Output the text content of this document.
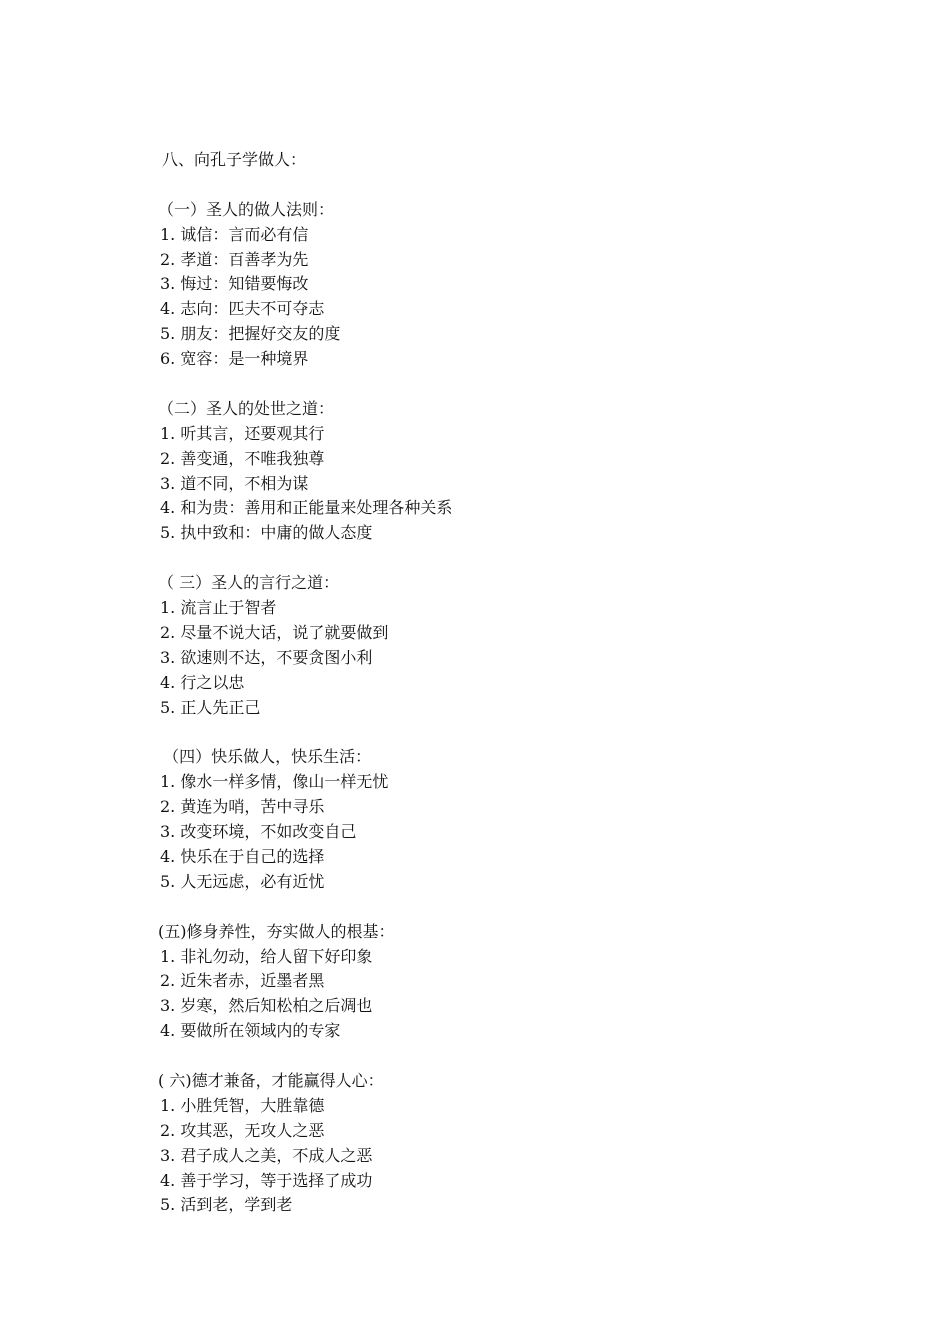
八、向孔子学做人：
（一）圣人的做人法则：
1. 诚信：言而必有信
2. 孝道：百善孝为先
3. 悔过：知错要悔改
4. 志向：匹夫不可夺志
5. 朋友：把握好交友的度
6. 宽容：是一种境界
（二）圣人的处世之道：
1. 听其言，还要观其行
2. 善变通，不唯我独尊
3. 道不同，不相为谋
4. 和为贵：善用和正能量来处理各种关系
5. 执中致和：中庸的做人态度
（ 三）圣人的言行之道：
1. 流言止于智者
2. 尽量不说大话，说了就要做到
3. 欲速则不达，不要贪图小利
4. 行之以忠
5. 正人先正己
（四）快乐做人，快乐生活：
1. 像水一样多情，像山一样无忧
2. 黄连为哨，苦中寻乐
3. 改变环境，不如改变自己
4. 快乐在于自己的选择
5. 人无远虑，必有近忧
(五)修身养性，夯实做人的根基：
1. 非礼勿动，给人留下好印象
2. 近朱者赤，近墨者黑
3. 岁寒，然后知松柏之后凋也
4. 要做所在领域内的专家
( 六)德才兼备，才能赢得人心：
1. 小胜凭智，大胜靠德
2. 攻其恶，无攻人之恶
3. 君子成人之美，不成人之恶
4. 善于学习，等于选择了成功
5. 活到老，学到老
